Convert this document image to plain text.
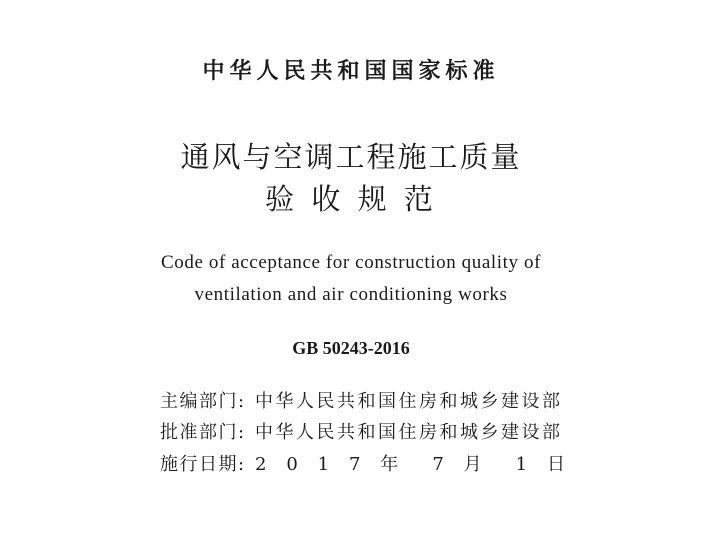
中华人民共和国国家标准
通风与空调工程施工质量
验 收 规 范
Code of acceptance for construction quality of
ventilation and air conditioning works
GB 50243-2016
主编部门: 中华人民共和国住房和城乡建设部
批准部门: 中华人民共和国住房和城乡建设部
施行日期: 2 0 1 7 年 7 月 1 日
